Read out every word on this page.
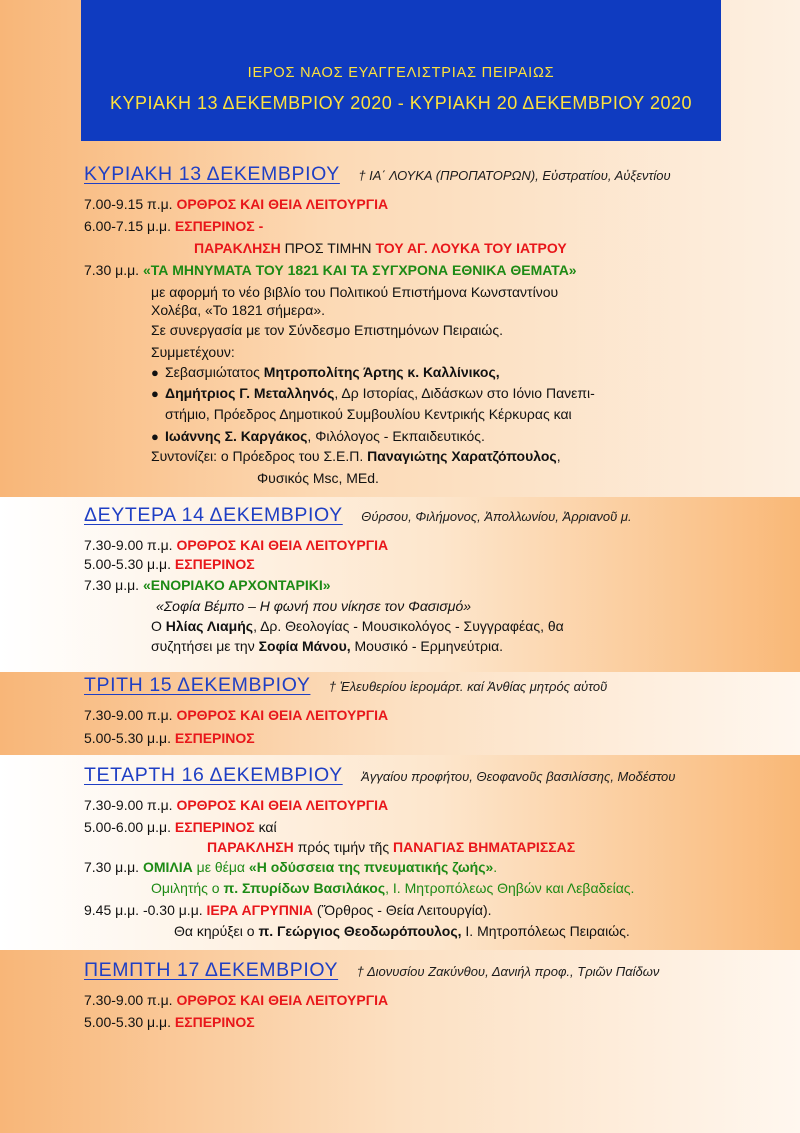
ΙΕΡΟΣ ΝΑΟΣ ΕΥΑΓΓΕΛΙΣΤΡΙΑΣ ΠΕΙΡΑΙΩΣ
ΚΥΡΙΑΚΗ 13 ΔΕΚΕΜΒΡΙΟΥ 2020 - ΚΥΡΙΑΚΗ 20 ΔΕΚΕΜΒΡΙΟΥ 2020
ΚΥΡΙΑΚΗ 13 ΔΕΚΕΜΒΡΙΟΥ † ΙΑ΄ ΛΟΥΚΑ (ΠΡΟΠΑΤΟΡΩΝ), Εὐστρατίου, Αὐξεντίου
7.00-9.15 π.μ. ΟΡΘΡΟΣ ΚΑΙ ΘΕΙΑ ΛΕΙΤΟΥΡΓΙΑ
6.00-7.15 μ.μ. ΕΣΠΕΡΙΝΟΣ -
ΠΑΡΑΚΛΗΣΗ ΠΡΟΣ ΤΙΜΗΝ ΤΟΥ ΑΓ. ΛΟΥΚΑ ΤΟΥ ΙΑΤΡΟΥ
7.30 μ.μ. «ΤΑ ΜΗΝΥΜΑΤΑ ΤΟΥ 1821 ΚΑΙ ΤΑ ΣΥΓΧΡΟΝΑ ΕΘΝΙΚΑ ΘΕΜΑΤΑ»
με αφορμή το νέο βιβλίο του Πολιτικού Επιστήμονα Κωνσταντίνου
Χολέβα, «Το 1821 σήμερα».
Σε συνεργασία με τον Σύνδεσμο Επιστημόνων Πειραιώς.
Συμμετέχουν:
● Σεβασμιώτατος Μητροπολίτης Άρτης κ. Καλλίνικος,
● Δημήτριος Γ. Μεταλληνός, Δρ Ιστορίας, Διδάσκων στο Ιόνιο Πανεπι-
στήμιο, Πρόεδρος Δημοτικού Συμβουλίου Κεντρικής Κέρκυρας και
● Ιωάννης Σ. Καργάκος, Φιλόλογος - Εκπαιδευτικός.
Συντονίζει: ο Πρόεδρος του Σ.Ε.Π. Παναγιώτης Χαρατζόπουλος,
Φυσικός Msc, MEd.
ΔΕΥΤΕΡΑ 14 ΔΕΚΕΜΒΡΙΟΥ Θύρσου, Φιλήμονος, Ἀπολλωνίου, Ἀρριανοῦ μ.
7.30-9.00 π.μ. ΟΡΘΡΟΣ ΚΑΙ ΘΕΙΑ ΛΕΙΤΟΥΡΓΙΑ
5.00-5.30 μ.μ. ΕΣΠΕΡΙΝΟΣ
7.30 μ.μ. «ΕΝΟΡΙΑΚΟ ΑΡΧΟΝΤΑΡΙΚΙ»
«Σοφία Βέμπο – Η φωνή που νίκησε τον Φασισμό»
Ο Ηλίας Λιαμής, Δρ. Θεολογίας - Μουσικολόγος - Συγγραφέας, θα
συζητήσει με την Σοφία Μάνου, Μουσικό - Ερμηνεύτρια.
ΤΡΙΤΗ 15 ΔΕΚΕΜΒΡΙΟΥ † Ἐλευθερίου ἱερομάρτ. καί Ἀνθίας μητρός αὐτοῦ
7.30-9.00 π.μ. ΟΡΘΡΟΣ ΚΑΙ ΘΕΙΑ ΛΕΙΤΟΥΡΓΙΑ
5.00-5.30 μ.μ. ΕΣΠΕΡΙΝΟΣ
ΤΕΤΑΡΤΗ 16 ΔΕΚΕΜΒΡΙΟΥ Ἀγγαίου προφήτου, Θεοφανοῦς βασιλίσσης, Μοδέστου
7.30-9.00 π.μ. ΟΡΘΡΟΣ ΚΑΙ ΘΕΙΑ ΛΕΙΤΟΥΡΓΙΑ
5.00-6.00 μ.μ. ΕΣΠΕΡΙΝΟΣ καί
ΠΑΡΑΚΛΗΣΗ πρός τιμήν τῆς ΠΑΝΑΓΙΑΣ ΒΗΜΑΤΑΡΙΣΣΑΣ
7.30 μ.μ. ΟΜΙΛΙΑ με θέμα «Η οδύσσεια της πνευματικής ζωής».
Ομιλητής ο π. Σπυρίδων Βασιλάκος, Ι. Μητροπόλεως Θηβών και Λεβαδείας.
9.45 μ.μ. -0.30 μ.μ. ΙΕΡΑ ΑΓΡΥΠΝΙΑ (Ὄρθρος - Θεία Λειτουργία).
Θα κηρύξει ο π. Γεώργιος Θεοδωρόπουλος, Ι. Μητροπόλεως Πειραιώς.
ΠΕΜΠΤΗ 17 ΔΕΚΕΜΒΡΙΟΥ † Διονυσίου Ζακύνθου, Δανιήλ προφ., Τριῶν Παίδων
7.30-9.00 π.μ. ΟΡΘΡΟΣ ΚΑΙ ΘΕΙΑ ΛΕΙΤΟΥΡΓΙΑ
5.00-5.30 μ.μ. ΕΣΠΕΡΙΝΟΣ
